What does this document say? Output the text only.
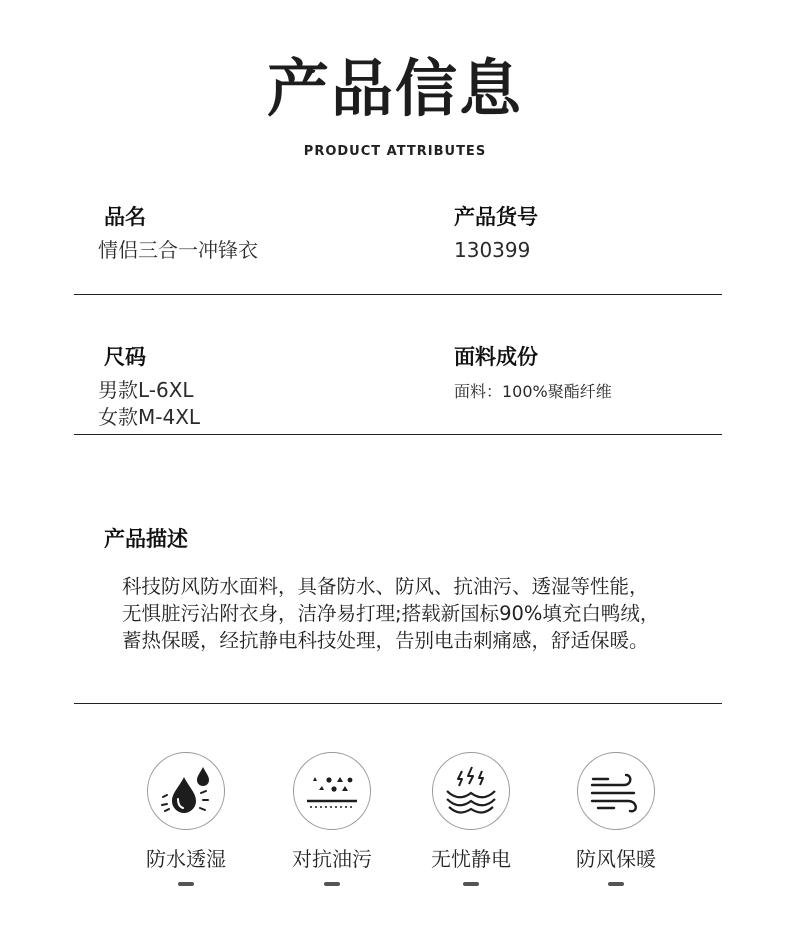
产品信息
PRODUCT ATTRIBUTES
品名
情侣三合一冲锋衣
产品货号
130399
尺码
男款L-6XL
女款M-4XL
面料成份
面料：100%聚酯纤维
产品描述
科技防风防水面料，具备防水、防风、抗油污、透湿等性能，
无惧脏污沾附衣身，洁净易打理;搭载新国标90%填充白鸭绒，
蓄热保暖，经抗静电科技处理，告别电击刺痛感，舒适保暖。
防水透湿	对抗油污	无忧静电	防风保暖
